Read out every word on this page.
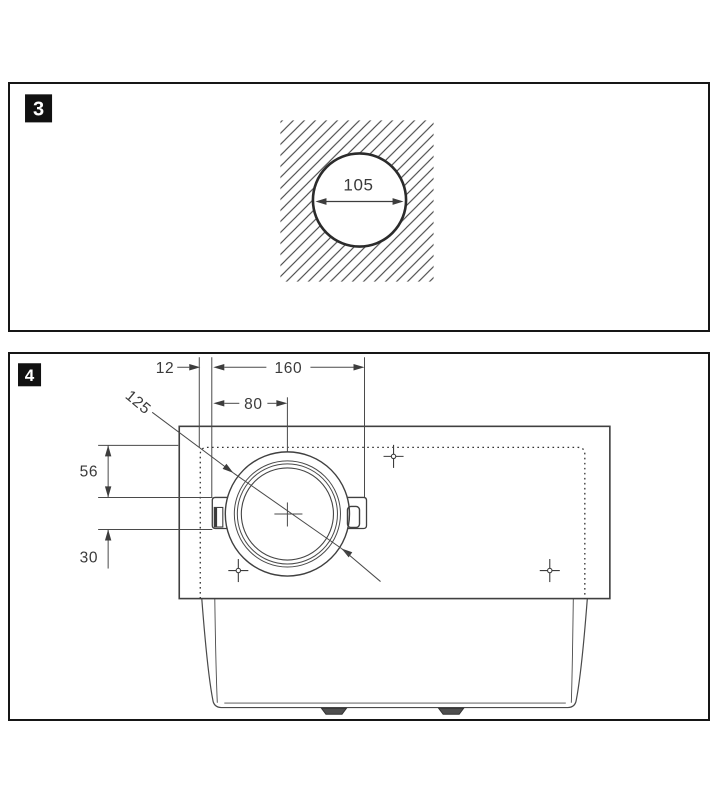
3
105
4	12	160
80
125
56
30
